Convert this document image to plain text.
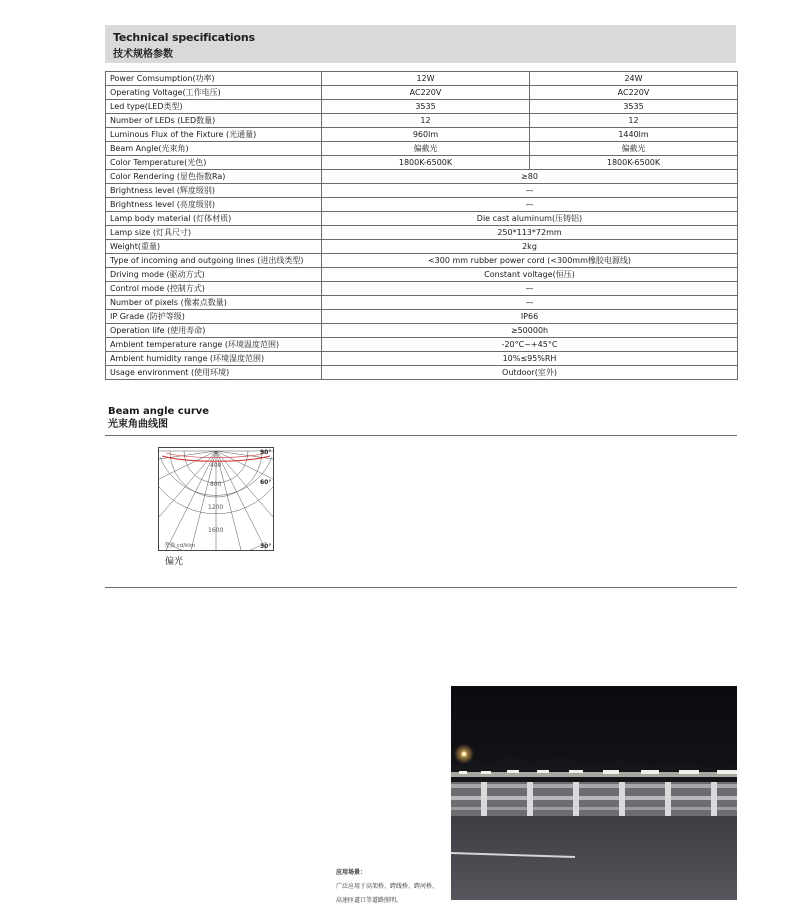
Technical specifications
技术规格参数
Power Comsumption(功率)	12W	24W
Operating Voltage(工作电压)	AC220V	AC220V
Led type(LED类型)	3535	3535
Number of LEDs (LED数量)	12	12
Luminous Flux of the Fixture (光通量)	960lm	1440lm
Beam Angle(光束角)	偏截光	偏截光
Color Temperature(光色)	1800K-6500K	1800K-6500K
Color Rendering (显色指数Ra)	≥80	
Brightness level (辉度级别)	—	
Brightness level (亮度级别)	—	
Lamp body material (灯体材质)	Die cast aluminum(压铸铝)	
Lamp size (灯具尺寸)	250*113*72mm	
Weight(重量)	2kg	
Type of incoming and outgoing lines (进出线类型)	<300 mm rubber power cord (<300mm橡胶电源线)	
Driving mode (驱动方式)	Constant voltage(恒压)	
Control mode (控制方式)	—	
Number of pixels (像素点数量)	—	
IP Grade (防护等级)	IP66	
Operation life (使用寿命)	≥50000h	
Ambient temperature range (环境温度范围)	-20°C~+45°C	
Ambient humidity range (环境湿度范围)	10%≤95%RH	
Usage environment (使用环境)	Outdoor(室外)	
Beam angle curve
光束角曲线图
400
800
1200
1600
90°
60°
30°
光强 cd/klm
偏光
应用场景：
广泛应用于高架桥、跨线桥、跨河桥、
高速匝道口等道路照明。
